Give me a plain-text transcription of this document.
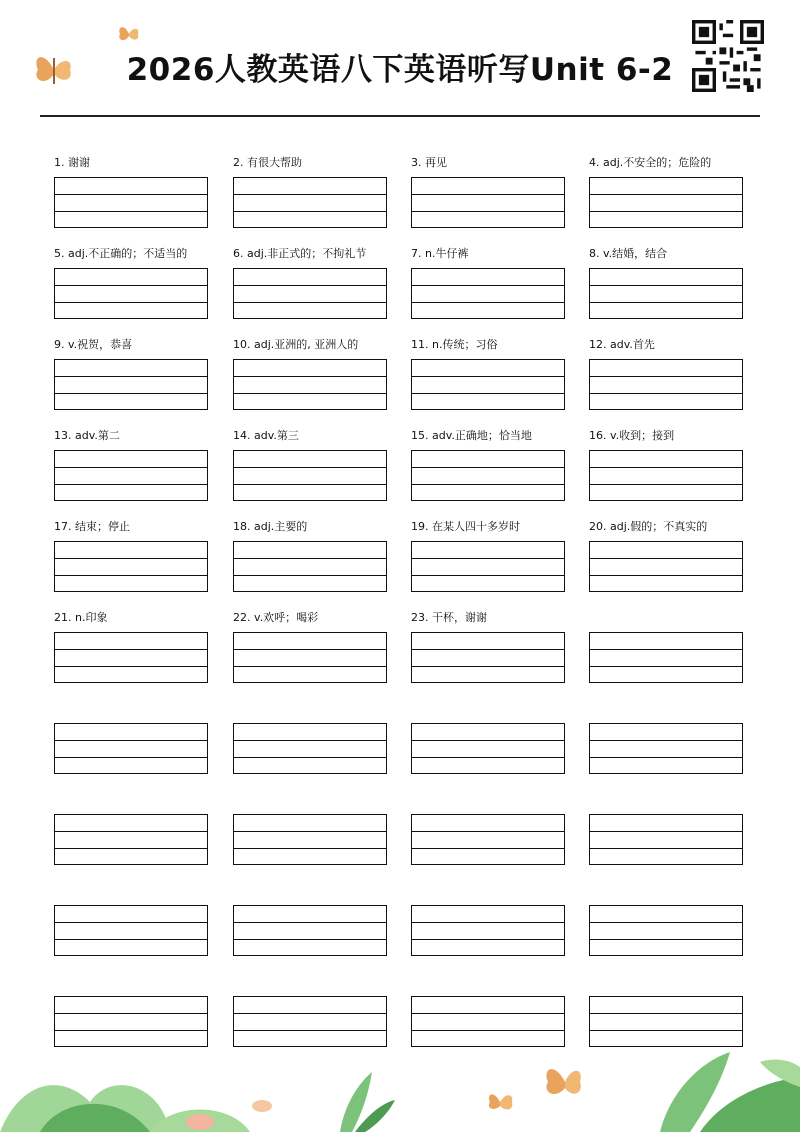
2026人教英语八下英语听写Unit 6-2
1. 谢谢	2. 有很大帮助	3. 再见	4. adj.不安全的；危险的
5. adj.不正确的；不适当的	6. adj.非正式的；不拘礼节	7. n.牛仔裤	8. v.结婚，结合
9. v.祝贺，恭喜	10. adj.亚洲的, 亚洲人的	11. n.传统；习俗	12. adv.首先
13. adv.第二	14. adv.第三	15. adv.正确地；恰当地	16. v.收到；接到
17. 结束；停止	18. adj.主要的	19. 在某人四十多岁时	20. adj.假的；不真实的
21. n.印象	22. v.欢呼；喝彩	23. 干杯，谢谢
